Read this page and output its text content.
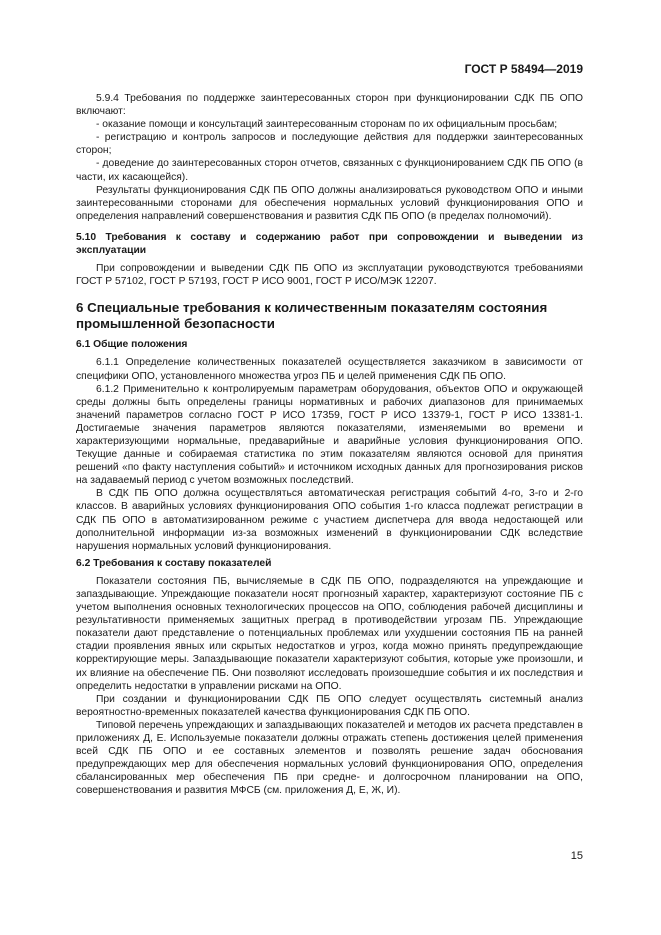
ГОСТ Р 58494—2019

5.9.4 Требования по поддержке заинтересованных сторон при функционировании СДК ПБ ОПО включают:

- оказание помощи и консультаций заинтересованным сторонам по их официальным просьбам;

- регистрацию и контроль запросов и последующие действия для поддержки заинтересованных сторон;

- доведение до заинтересованных сторон отчетов, связанных с функционированием СДК ПБ ОПО (в части, их касающейся).

Результаты функционирования СДК ПБ ОПО должны анализироваться руководством ОПО и иными заинтересованными сторонами для обеспечения нормальных условий функционирования ОПО и определения направлений совершенствования и развития СДК ПБ ОПО (в пределах полномочий).

5.10 Требования к составу и содержанию работ при сопровождении и выведении из эксплуатации

При сопровождении и выведении СДК ПБ ОПО из эксплуатации руководствуются требованиями ГОСТ Р 57102, ГОСТ Р 57193, ГОСТ Р ИСО 9001, ГОСТ Р ИСО/МЭК 12207.

6 Специальные требования к количественным показателям состояния промышленной безопасности

6.1 Общие положения

6.1.1 Определение количественных показателей осуществляется заказчиком в зависимости от специфики ОПО, установленного множества угроз ПБ и целей применения СДК ПБ ОПО.

6.1.2 Применительно к контролируемым параметрам оборудования, объектов ОПО и окружающей среды должны быть определены границы нормативных и рабочих диапазонов для принимаемых значений параметров согласно ГОСТ Р ИСО 17359, ГОСТ Р ИСО 13379-1, ГОСТ Р ИСО 13381-1. Достигаемые значения параметров являются показателями, изменяемыми во времени и характеризующими нормальные, предаварийные и аварийные условия функционирования ОПО. Текущие данные и собираемая статистика по этим показателям являются основой для принятия решений «по факту наступления событий» и источником исходных данных для прогнозирования рисков на задаваемый период с учетом возможных последствий.

В СДК ПБ ОПО должна осуществляться автоматическая регистрация событий 4-го, 3-го и 2-го классов. В аварийных условиях функционирования ОПО события 1-го класса подлежат регистрации в СДК ПБ ОПО в автоматизированном режиме с участием диспетчера для ввода недостающей или дополнительной информации из-за возможных изменений в функционировании СДК вследствие нарушения нормальных условий функционирования.

6.2 Требования к составу показателей

Показатели состояния ПБ, вычисляемые в СДК ПБ ОПО, подразделяются на упреждающие и запаздывающие. Упреждающие показатели носят прогнозный характер, характеризуют состояние ПБ с учетом выполнения основных технологических процессов на ОПО, соблюдения рабочей дисциплины и результативности применяемых защитных преград в противодействии угрозам ПБ. Упреждающие показатели дают представление о потенциальных проблемах или ухудшении состояния ПБ на ранней стадии проявления явных или скрытых недостатков и угроз, когда можно принять предупреждающие корректирующие меры. Запаздывающие показатели характеризуют события, которые уже произошли, и их влияние на обеспечение ПБ. Они позволяют исследовать произошедшие события и их последствия и определить недостатки в управлении рисками на ОПО.

При создании и функционировании СДК ПБ ОПО следует осуществлять системный анализ вероятностно-временных показателей качества функционирования СДК ПБ ОПО.

Типовой перечень упреждающих и запаздывающих показателей и методов их расчета представлен в приложениях Д, Е. Используемые показатели должны отражать степень достижения целей применения всей СДК ПБ ОПО и ее составных элементов и позволять решение задач обоснования предупреждающих мер для обеспечения нормальных условий функционирования ОПО, определения сбалансированных мер обеспечения ПБ при средне- и долгосрочном планировании на ОПО, совершенствования и развития МФСБ (см. приложения Д, Е, Ж, И).

15
